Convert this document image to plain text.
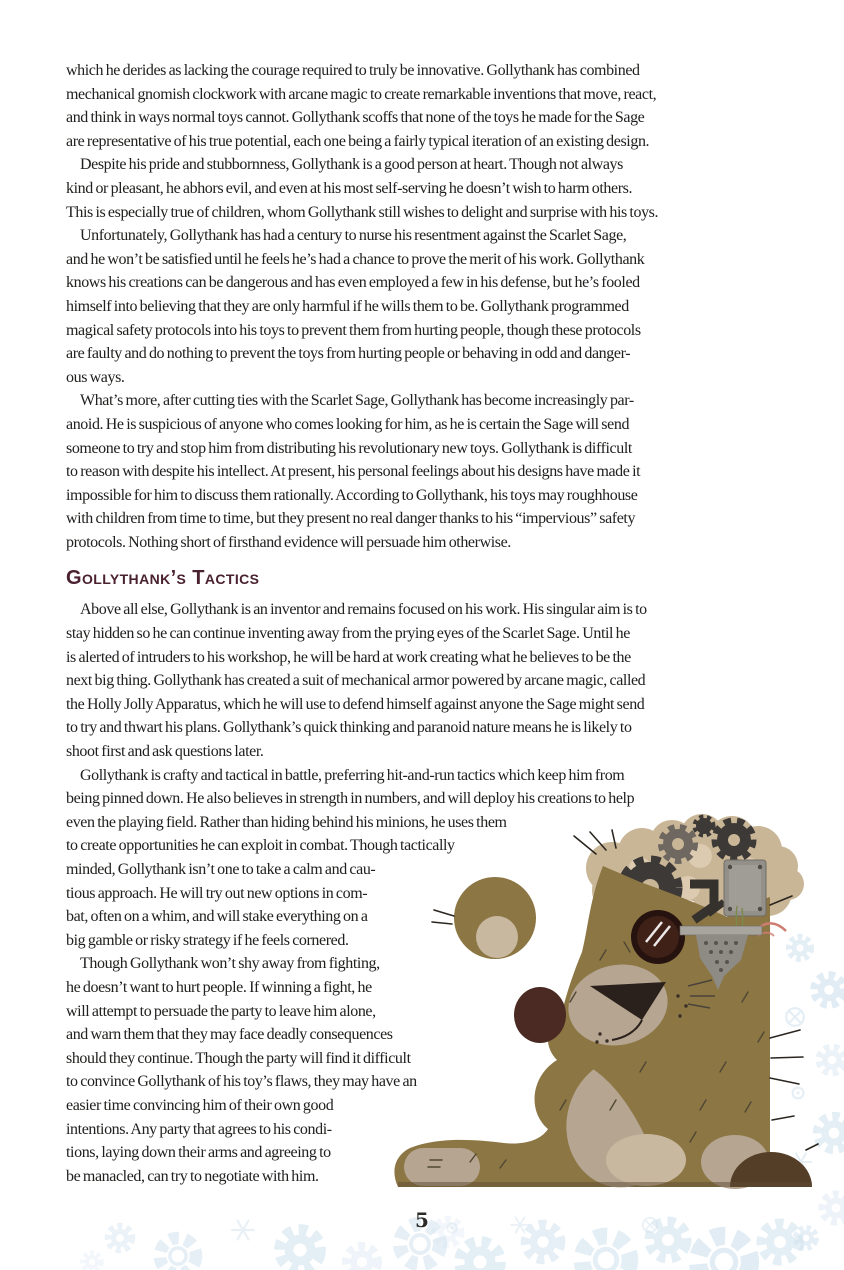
which he derides as lacking the courage required to truly be innovative. Gollythank has combined
mechanical gnomish clockwork with arcane magic to create remarkable inventions that move, react,
and think in ways normal toys cannot. Gollythank scoffs that none of the toys he made for the Sage
are representative of his true potential, each one being a fairly typical iteration of an existing design.

Despite his pride and stubbornness, Gollythank is a good person at heart. Though not always
kind or pleasant, he abhors evil, and even at his most self-serving he doesn’t wish to harm others.
This is especially true of children, whom Gollythank still wishes to delight and surprise with his toys.

Unfortunately, Gollythank has had a century to nurse his resentment against the Scarlet Sage,
and he won’t be satisfied until he feels he’s had a chance to prove the merit of his work. Gollythank
knows his creations can be dangerous and has even employed a few in his defense, but he’s fooled
himself into believing that they are only harmful if he wills them to be. Gollythank programmed
magical safety protocols into his toys to prevent them from hurting people, though these protocols
are faulty and do nothing to prevent the toys from hurting people or behaving in odd and danger-
ous ways.

What’s more, after cutting ties with the Scarlet Sage, Gollythank has become increasingly par-
anoid. He is suspicious of anyone who comes looking for him, as he is certain the Sage will send
someone to try and stop him from distributing his revolutionary new toys. Gollythank is difficult
to reason with despite his intellect. At present, his personal feelings about his designs have made it
impossible for him to discuss them rationally. According to Gollythank, his toys may roughhouse
with children from time to time, but they present no real danger thanks to his “impervious” safety
protocols. Nothing short of firsthand evidence will persuade him otherwise.

Gollythank’s Tactics

Above all else, Gollythank is an inventor and remains focused on his work. His singular aim is to
stay hidden so he can continue inventing away from the prying eyes of the Scarlet Sage. Until he
is alerted of intruders to his workshop, he will be hard at work creating what he believes to be the
next big thing. Gollythank has created a suit of mechanical armor powered by arcane magic, called
the Holly Jolly Apparatus, which he will use to defend himself against anyone the Sage might send
to try and thwart his plans. Gollythank’s quick thinking and paranoid nature means he is likely to
shoot first and ask questions later.

Gollythank is crafty and tactical in battle, preferring hit-and-run tactics which keep him from
being pinned down. He also believes in strength in numbers, and will deploy his creations to help
even the playing field. Rather than hiding behind his minions, he uses them
to create opportunities he can exploit in combat. Though tactically
minded, Gollythank isn’t one to take a calm and cau-
tious approach. He will try out new options in com-
bat, often on a whim, and will stake everything on a
big gamble or risky strategy if he feels cornered.

Though Gollythank won’t shy away from fighting,
he doesn’t want to hurt people. If winning a fight, he
will attempt to persuade the party to leave him alone,
and warn them that they may face deadly consequences
should they continue. Though the party will find it difficult
to convince Gollythank of his toy’s flaws, they may have an
easier time convincing him of their own good
intentions. Any party that agrees to his condi-
tions, laying down their arms and agreeing to
be manacled, can try to negotiate with him.

5
